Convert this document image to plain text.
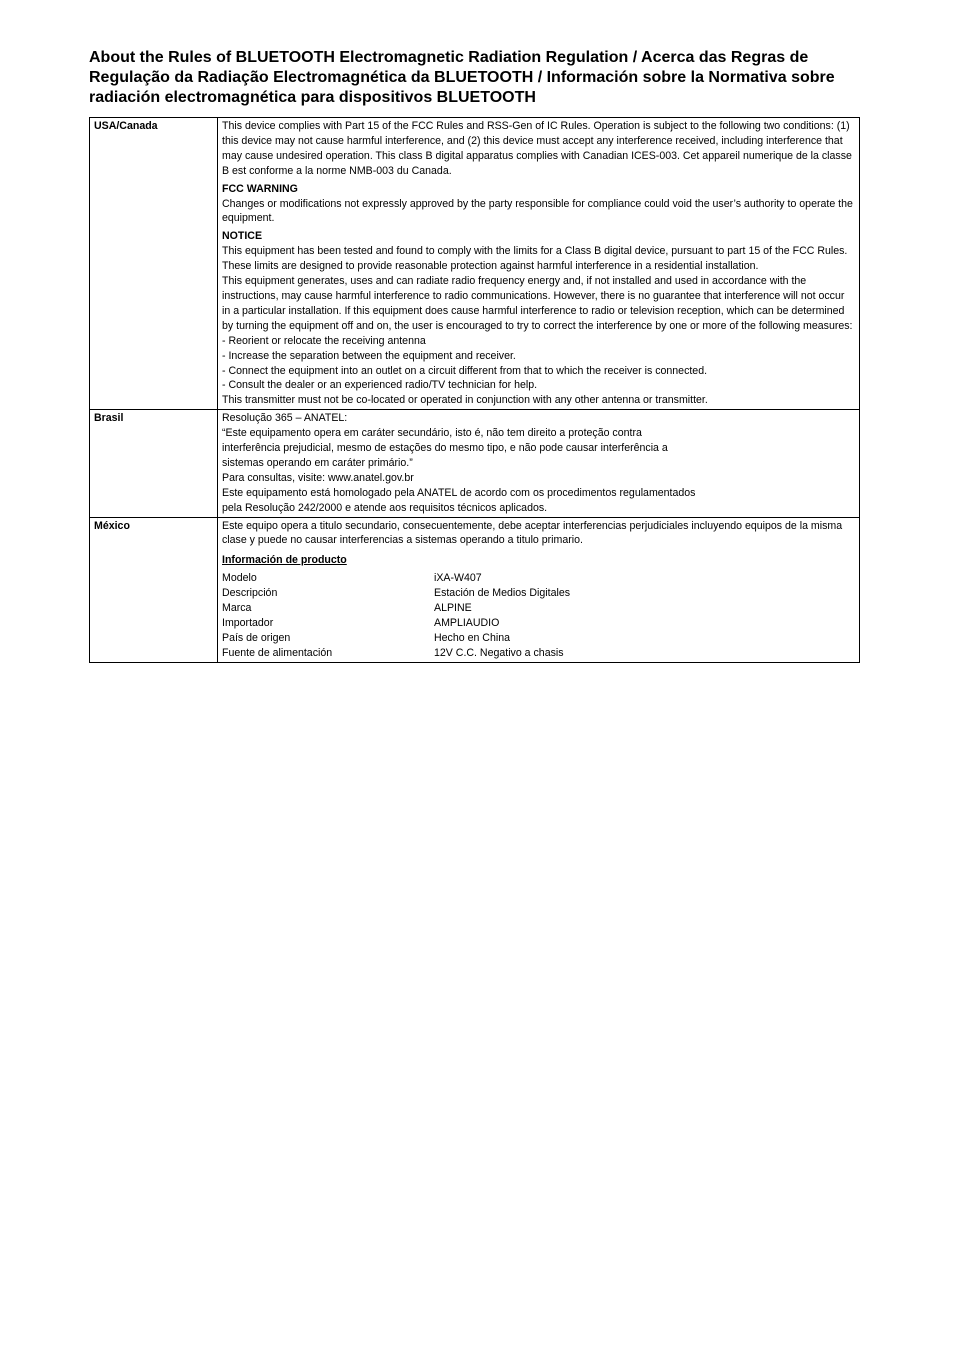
About the Rules of BLUETOOTH Electromagnetic Radiation Regulation / Acerca das Regras de Regulação da Radiação Electromagnética da BLUETOOTH / Información sobre la Normativa sobre radiación electromagnética para dispositivos BLUETOOTH
USA/Canada	This device complies with Part 15 of the FCC Rules and RSS-Gen of IC Rules. Operation is subject to the following two conditions: (1) this device may not cause harmful interference, and (2) this device must accept any interference received, including interference that may cause undesired operation. This class B digital apparatus complies with Canadian ICES-003. Cet appareil numerique de la classe B est conforme a la norme NMB-003 du Canada.

FCC WARNING

Changes or modifications not expressly approved by the party responsible for compliance could void the user’s authority to operate the equipment.

NOTICE

This equipment has been tested and found to comply with the limits for a Class B digital device, pursuant to part 15 of the FCC Rules. These limits are designed to provide reasonable protection against harmful interference in a residential installation.

This equipment generates, uses and can radiate radio frequency energy and, if not installed and used in accordance with the instructions, may cause harmful interference to radio communications. However, there is no guarantee that interference will not occur in a particular installation. If this equipment does cause harmful interference to radio or television reception, which can be determined by turning the equipment off and on, the user is encouraged to try to correct the interference by one or more of the following measures:

- Reorient or relocate the receiving antenna

- Increase the separation between the equipment and receiver.

- Connect the equipment into an outlet on a circuit different from that to which the receiver is connected.

- Consult the dealer or an experienced radio/TV technician for help.

This transmitter must not be co-located or operated in conjunction with any other antenna or transmitter.

Brasil	Resolução 365 – ANATEL:

“Este equipamento opera em caráter secundário, isto é, não tem direito a proteção contra

interferência prejudicial, mesmo de estações do mesmo tipo, e não pode causar interferência a

sistemas operando em caráter primário.”

Para consultas, visite: www.anatel.gov.br

Este equipamento está homologado pela ANATEL de acordo com os procedimentos regulamentados

pela Resolução 242/2000 e atende aos requisitos técnicos aplicados.

México	Este equipo opera a titulo secundario, consecuentemente, debe aceptar interferencias perjudiciales incluyendo equipos de la misma clase y puede no causar interferencias a sistemas operando a titulo primario.

Información de producto

Modelo	iXA-W407
Descripción	Estación de Medios Digitales
Marca	ALPINE
Importador	AMPLIAUDIO
País de origen	Hecho en China
Fuente de alimentación	12V C.C. Negativo a chasis
